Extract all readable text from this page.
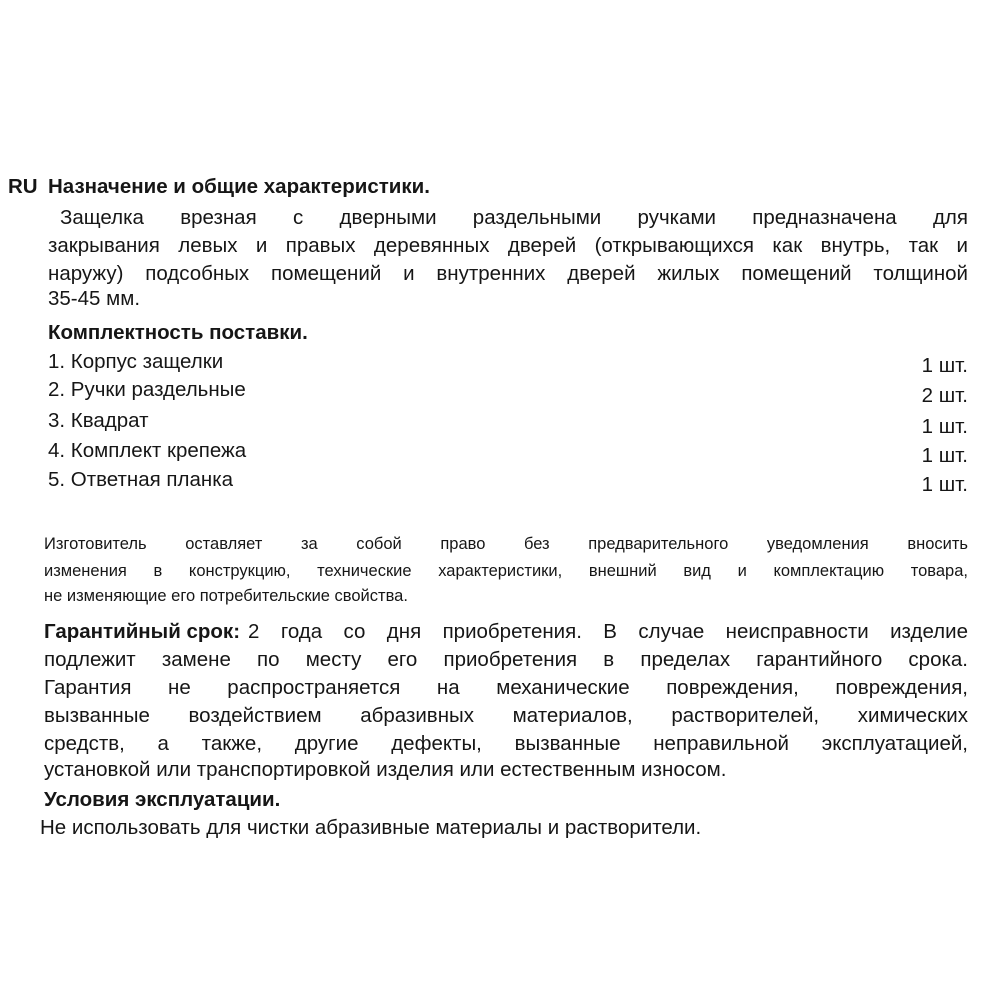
RU Назначение и общие характеристики.
Защелка врезная с дверными раздельными ручками предназначена для
закрывания левых и правых деревянных дверей (открывающихся как внутрь, так и
наружу) подсобных помещений и внутренних дверей жилых помещений толщиной
35-45 мм.
Комплектность поставки.
1. Корпус защелки	1 шт.
2. Ручки раздельные	2 шт.
3. Квадрат	1 шт.
4. Комплект крепежа	1 шт.
5. Ответная планка	1 шт.
Изготовитель оставляет за собой право без предварительного уведомления вносить
изменения в конструкцию, технические характеристики, внешний вид и комплектацию товара,
не изменяющие его потребительские свойства.
Гарантийный срок: 2 года со дня приобретения. В случае неисправности изделие
подлежит замене по месту его приобретения в пределах гарантийного срока.
Гарантия не распространяется на механические повреждения, повреждения,
вызванные воздействием абразивных материалов, растворителей, химических
средств, а также, другие дефекты, вызванные неправильной эксплуатацией,
установкой или транспортировкой изделия или естественным износом.
Условия эксплуатации.
Не использовать для чистки абразивные материалы и растворители.
